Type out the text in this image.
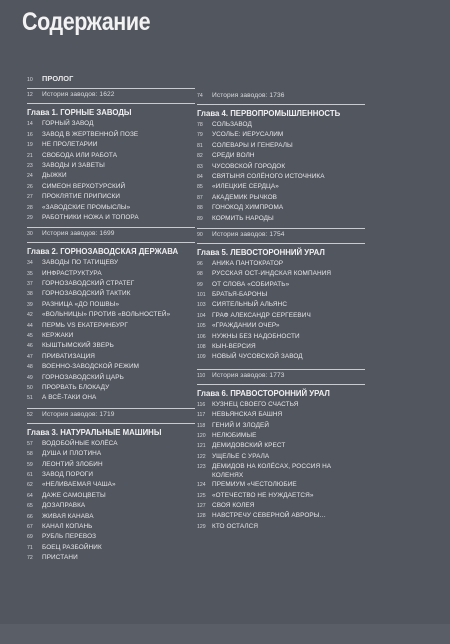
Содержание
10	ПРОЛОГ
12	История заводов: 1622
Глава 1. ГОРНЫЕ ЗАВОДЫ
14	ГОРНЫЙ ЗАВОД
16	ЗАВОД В ЖЕРТВЕННОЙ ПОЗЕ
19	НЕ ПРОЛЕТАРИИ
21	СВОБОДА ИЛИ РАБОТА
23	ЗАВОДЫ И ЗАВЕТЫ
24	ДЫЖКИ
26	СИМЕОН ВЕРХОТУРСКИЙ
27	ПРОКЛЯТИЕ ПРИПИСКИ
28	«ЗАВОДСКИЕ ПРОМЫСЛЫ»
29	РАБОТНИКИ НОЖА И ТОПОРА
30	История заводов: 1699
Глава 2. ГОРНОЗАВОДСКАЯ ДЕРЖАВА
34	ЗАВОДЫ ПО ТАТИЩЕВУ
35	ИНФРАСТРУКТУРА
37	ГОРНОЗАВОДСКИЙ СТРАТЕГ
38	ГОРНОЗАВОДСКИЙ ТАКТИК
39	РАЗНИЦА «ДО ПОШВЫ»
42	«ВОЛЬНИЦЫ» ПРОТИВ «ВОЛЬНОСТЕЙ»
44	ПЕРМЬ VS ЕКАТЕРИНБУРГ
45	КЕРЖАКИ
46	КЫШТЫМСКИЙ ЗВЕРЬ
47	ПРИВАТИЗАЦИЯ
48	ВОЕННО-ЗАВОДСКОЙ РЕЖИМ
49	ГОРНОЗАВОДСКИЙ ЦАРЬ
50	ПРОРВАТЬ БЛОКАДУ
51	А ВСЁ-ТАКИ ОНА
52	История заводов: 1719
Глава 3. НАТУРАЛЬНЫЕ МАШИНЫ
57	ВОДОБОЙНЫЕ КОЛЁСА
58	ДУША И ПЛОТИНА
59	ЛЕОНТИЙ ЗЛОБИН
61	ЗАВОД ПОРОГИ
62	«НЕЛИВАЕМАЯ ЧАША»
64	ДАЖЕ САМОЦВЕТЫ
65	ДОЗАПРАВКА
66	ЖИВАЯ КАНАВА
67	КАНАЛ КОПАНЬ
69	РУБЛЬ ПЕРЕВОЗ
71	БОЕЦ РАЗБОЙНИК
72	ПРИСТАНИ
74	История заводов: 1736
Глава 4. ПЕРВОПРОМЫШЛЕННОСТЬ
78	СОЛЬЗАВОД
79	УСОЛЬЕ: ИЕРУСАЛИМ
81	СОЛЕВАРЫ И ГЕНЕРАЛЫ
82	СРЕДИ ВОЛН
83	ЧУСОВСКОЙ ГОРОДОК
84	СВЯТЫНЯ СОЛЁНОГО ИСТОЧНИКА
85	«ИЛЕЦКИЕ СЕРДЦА»
87	АКАДЕМИК РЫЧКОВ
88	ГОНОКОД ХИМПРОМА
89	КОРМИТЬ НАРОДЫ
90	История заводов: 1754
Глава 5. ЛЕВОСТОРОННИЙ УРАЛ
96	АНИКА ПАНТОКРАТОР
98	РУССКАЯ ОСТ-ИНДСКАЯ КОМПАНИЯ
99	ОТ СЛОВА «СОБИРАТЬ»
101 БРАТЬЯ-БАРОНЫ
103 СИЯТЕЛЬНЫЙ АЛЬЯНС
104 ГРАФ АЛЕКСАНДР СЕРГЕЕВИЧ
105 «ГРАЖДАНИИ ОЧЕР»
106 НУЖНЫ БЕЗ НАДОБНОСТИ
108 КЫН-ВЕРСИЯ
109 НОВЫЙ ЧУСОВСКОЙ ЗАВОД
110	История заводов: 1773
Глава 6. ПРАВОСТОРОННИЙ УРАЛ
116	КУЗНЕЦ СВОЕГО СЧАСТЬЯ
117	НЕВЬЯНСКАЯ БАШНЯ
118	ГЕНИЙ И ЗЛОДЕЙ
120 НЕЛЮБИМЫЕ
121 ДЕМИДОВСКИЙ КРЕСТ
122 УЩЕЛЬЕ С УРАЛА
123 ДЕМИДОВ НА КОЛЁСАХ, РОССИЯ НА КОЛЕНЯХ
124 ПРЕМИУМ «ЧЕСТОЛЮБИЕ
125 «ОТЕЧЕСТВО НЕ НУЖДАЕТСЯ»
127 СВОЯ КОЛЕЯ
128 НАВСТРЕЧУ СЕВЕРНОЙ АВРОРЫ…
129 КТО ОСТАЛСЯ
